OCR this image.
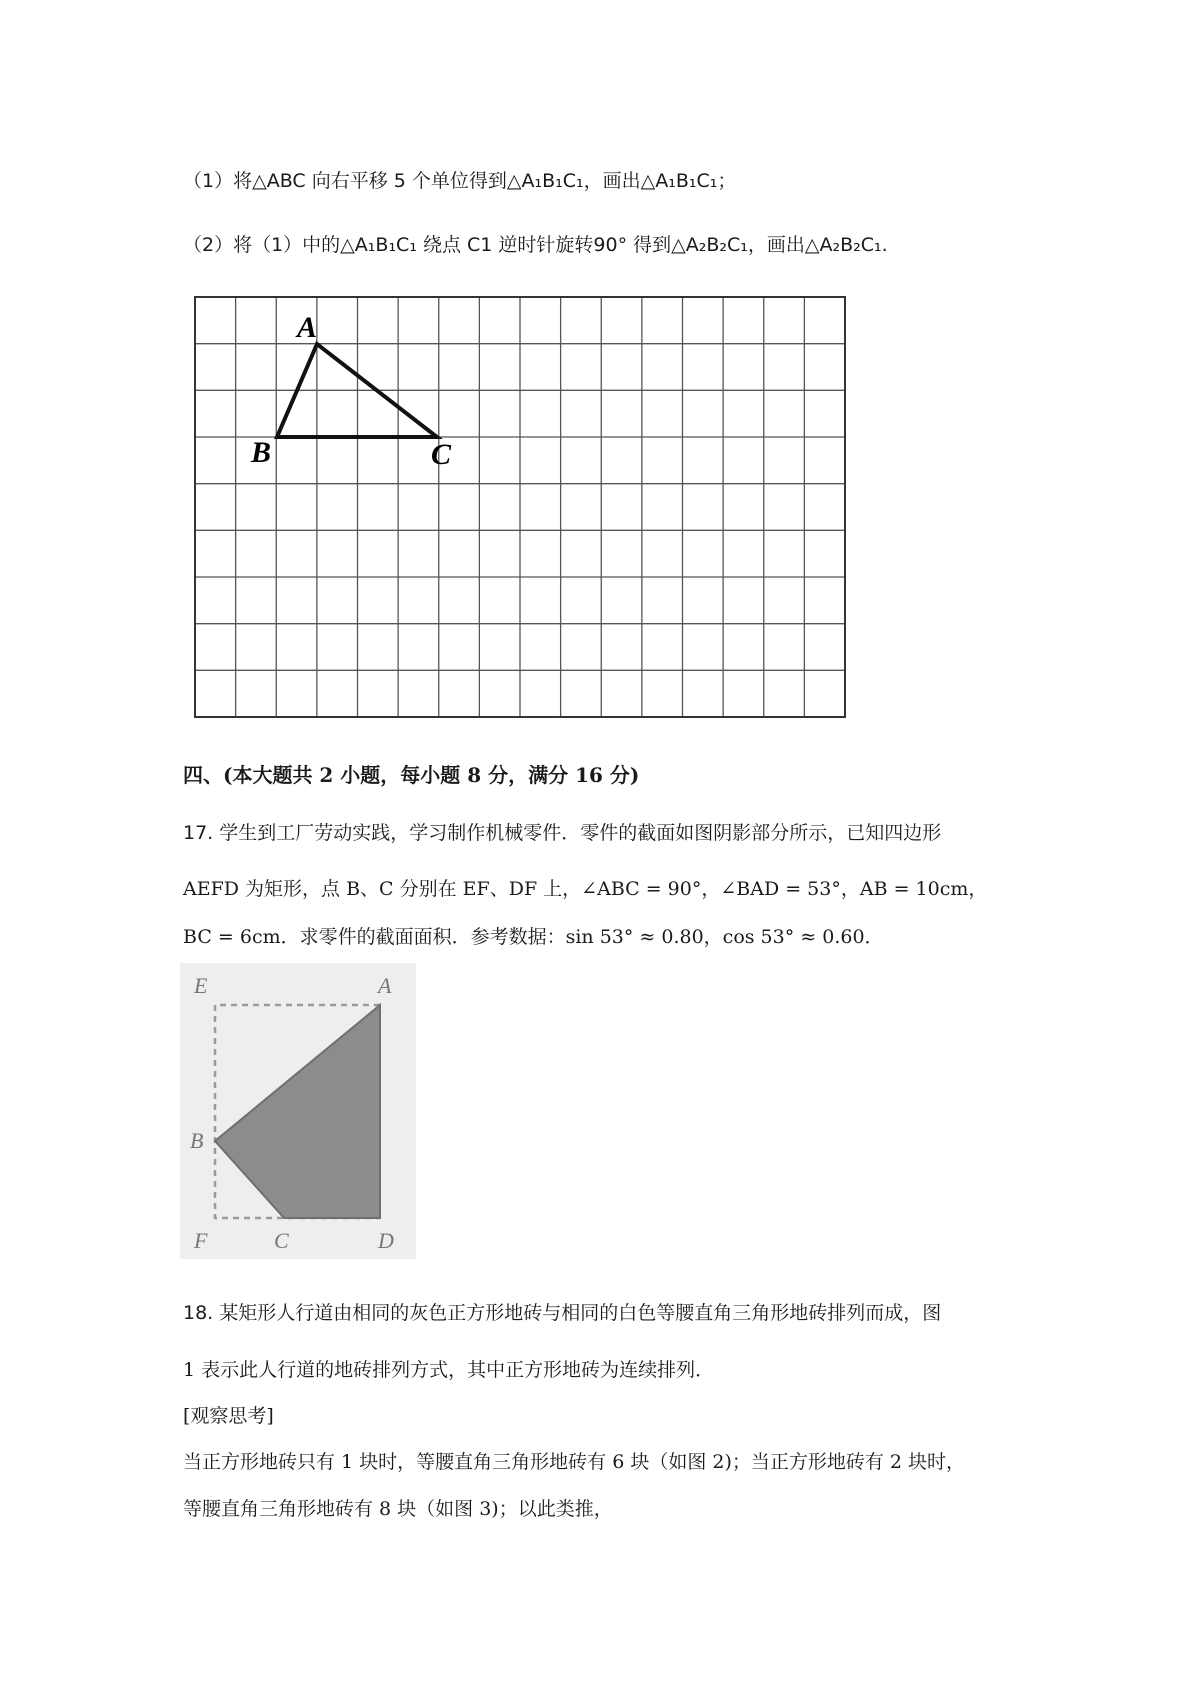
（1）将△ABC 向右平移 5 个单位得到△A₁B₁C₁，画出△A₁B₁C₁；
（2）将（1）中的△A₁B₁C₁ 绕点 C1 逆时针旋转90° 得到△A₂B₂C₁，画出△A₂B₂C₁.
A
B	C
四、(本大题共 2 小题，每小题 8 分，满分 16 分)
17. 学生到工厂劳动实践，学习制作机械零件．零件的截面如图阴影部分所示，已知四边形
AEFD 为矩形，点 B、C 分别在 EF、DF 上，∠ABC = 90°，∠BAD = 53°，AB = 10cm，
BC = 6cm．求零件的截面面积．参考数据：sin 53° ≈ 0.80，cos 53° ≈ 0.60．
E	A
B
F	C	D
18. 某矩形人行道由相同的灰色正方形地砖与相同的白色等腰直角三角形地砖排列而成，图
1 表示此人行道的地砖排列方式，其中正方形地砖为连续排列．
[观察思考]
当正方形地砖只有 1 块时，等腰直角三角形地砖有 6 块（如图 2)；当正方形地砖有 2 块时，
等腰直角三角形地砖有 8 块（如图 3)；以此类推，
